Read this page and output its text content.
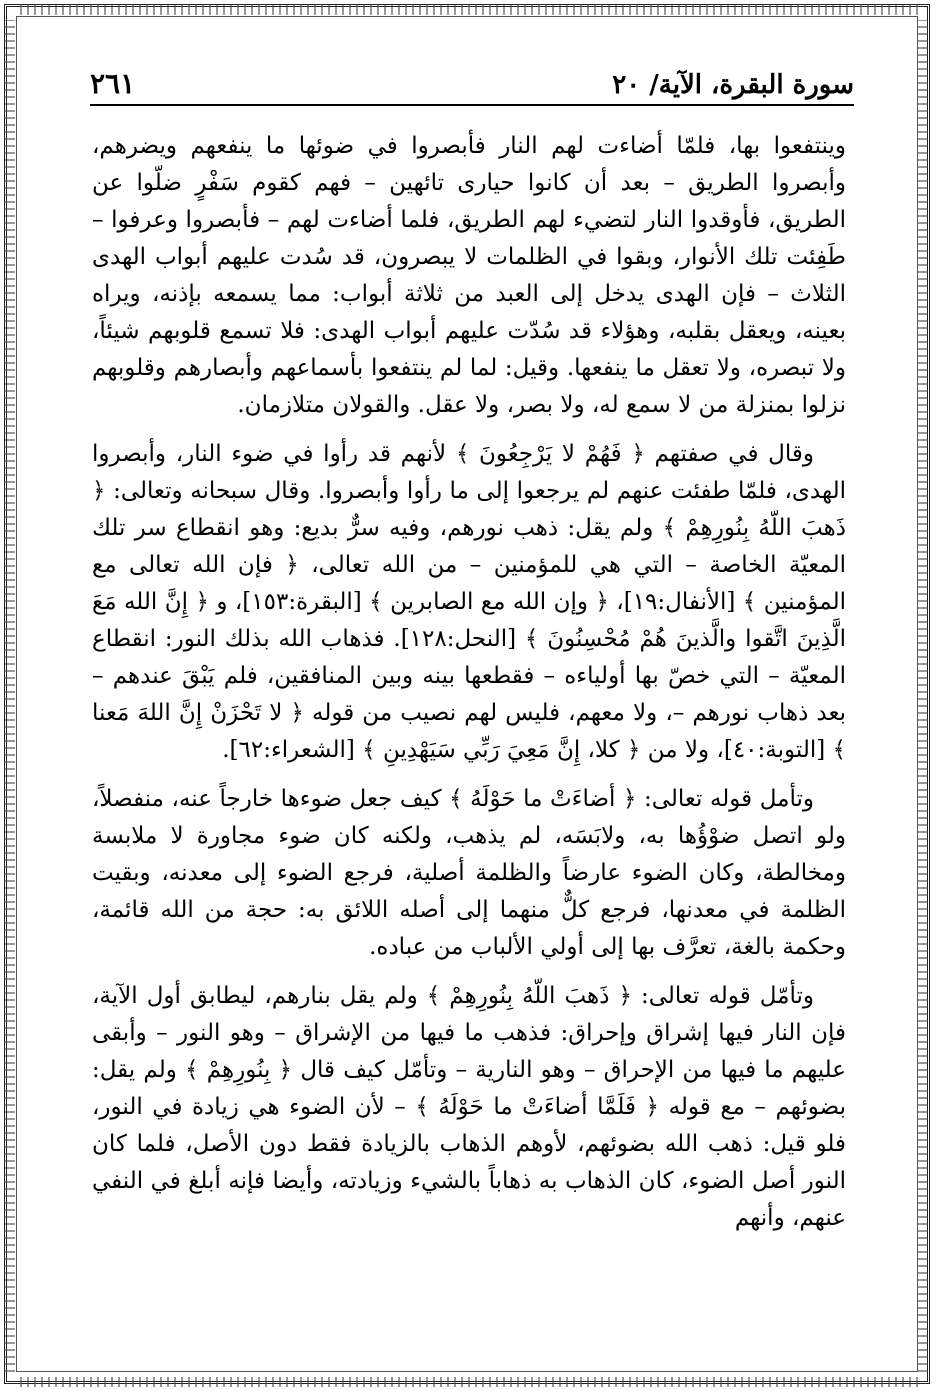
سورة البقرة، الآية/ ٢٠
٢٦١

وينتفعوا بها، فلمّا أضاءت لهم النار فأبصروا في ضوئها ما ينفعهم ويضرهم، وأبصروا الطريق – بعد أن كانوا حيارى تائهين – فهم كقوم سَفْرٍ ضلّوا عن الطريق، فأوقدوا النار لتضيء لهم الطريق، فلما أضاءت لهم – فأبصروا وعرفوا – طَفِئت تلك الأنوار، وبقوا في الظلمات لا يبصرون، قد سُدت عليهم أبواب الهدى الثلاث – فإن الهدى يدخل إلى العبد من ثلاثة أبواب: مما يسمعه بإذنه، ويراه بعينه، ويعقل بقلبه، وهؤلاء قد سُدّت عليهم أبواب الهدى: فلا تسمع قلوبهم شيئاً، ولا تبصره، ولا تعقل ما ينفعها. وقيل: لما لم ينتفعوا بأسماعهم وأبصارهم وقلوبهم نزلوا بمنزلة من لا سمع له، ولا بصر، ولا عقل. والقولان متلازمان.

وقال في صفتهم ﴿ فَهُمْ لا يَرْجِعُونَ ﴾ لأنهم قد رأوا في ضوء النار، وأبصروا الهدى، فلمّا طفئت عنهم لم يرجعوا إلى ما رأوا وأبصروا. وقال سبحانه وتعالى: ﴿ ذَهبَ اللّهُ بِنُورِهِمْ ﴾ ولم يقل: ذهب نورهم، وفيه سرٌّ بديع: وهو انقطاع سر تلك المعيّة الخاصة – التي هي للمؤمنين – من الله تعالى، ﴿ فإن الله تعالى مع المؤمنين ﴾ [الأنفال:١٩]، ﴿ وإن الله مع الصابرين ﴾ [البقرة:١٥٣]، و ﴿ إِنَّ الله مَعَ الَّذِينَ اتَّقوا والَّذينَ هُمْ مُحْسِنُونَ ﴾ [النحل:١٢٨]. فذهاب الله بذلك النور: انقطاع المعيّة – التي خصّ بها أولياءه – فقطعها بينه وبين المنافقين، فلم يَبْقَ عندهم – بعد ذهاب نورهم –، ولا معهم، فليس لهم نصيب من قوله ﴿ لا تَحْزَنْ إِنَّ اللهَ مَعنا ﴾ [التوبة:٤٠]، ولا من ﴿ كلا، إِنَّ مَعِيَ رَبِّي سَيَهْدِينِ ﴾ [الشعراء:٦٢].

وتأمل قوله تعالى: ﴿ أضاءَتْ ما حَوْلَهُ ﴾ كيف جعل ضوءها خارجاً عنه، منفصلاً، ولو اتصل ضوْؤُها به، ولابَسَه، لم يذهب، ولكنه كان ضوء مجاورة لا ملابسة ومخالطة، وكان الضوء عارضاً والظلمة أصلية، فرجع الضوء إلى معدنه، وبقيت الظلمة في معدنها، فرجع كلٌّ منهما إلى أصله اللائق به: حجة من الله قائمة، وحكمة بالغة، تعرَّف بها إلى أولي الألباب من عباده.

وتأمّل قوله تعالى: ﴿ ذَهبَ اللّهُ بِنُورِهِمْ ﴾ ولم يقل بنارهم، ليطابق أول الآية، فإن النار فيها إشراق وإحراق: فذهب ما فيها من الإشراق – وهو النور – وأبقى عليهم ما فيها من الإحراق – وهو النارية – وتأمّل كيف قال ﴿ بِنُورِهِمْ ﴾ ولم يقل: بضوئهم – مع قوله ﴿ فَلَمَّا أضاءَتْ ما حَوْلَهُ ﴾ – لأن الضوء هي زيادة في النور، فلو قيل: ذهب الله بضوئهم، لأوهم الذهاب بالزيادة فقط دون الأصل، فلما كان النور أصل الضوء، كان الذهاب به ذهاباً بالشيء وزيادته، وأيضا فإنه أبلغ في النفي عنهم، وأنهم
